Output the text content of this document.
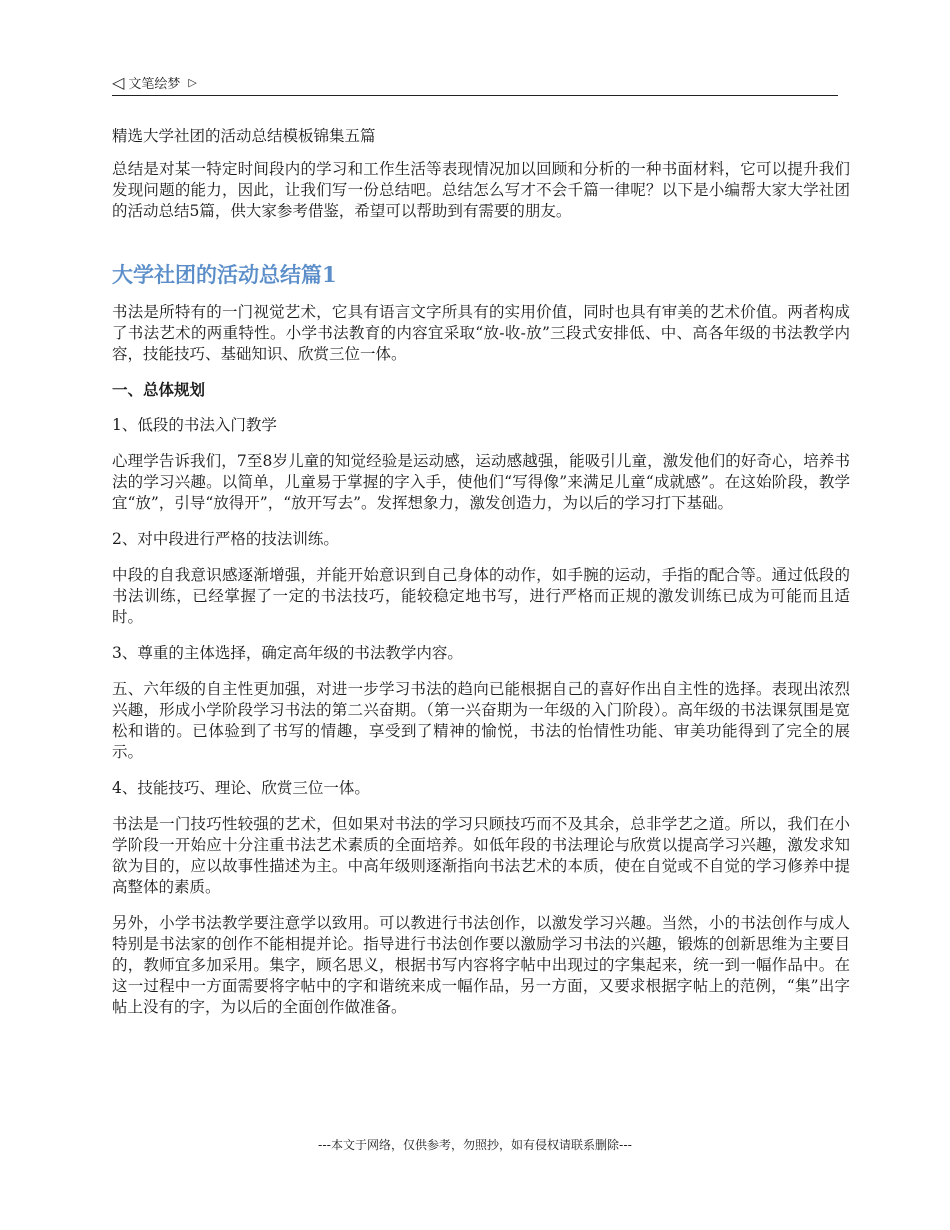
◁ 文笔绘梦 ▷

精选大学社团的活动总结模板锦集五篇

总结是对某一特定时间段内的学习和工作生活等表现情况加以回顾和分析的一种书面材料，它可以提升我们发现问题的能力，因此，让我们写一份总结吧。总结怎么写才不会千篇一律呢？以下是小编帮大家大学社团的活动总结5篇，供大家参考借鉴，希望可以帮助到有需要的朋友。

大学社团的活动总结篇1

书法是所特有的一门视觉艺术，它具有语言文字所具有的实用价值，同时也具有审美的艺术价值。两者构成了书法艺术的两重特性。小学书法教育的内容宜采取“放-收-放”三段式安排低、中、高各年级的书法教学内容，技能技巧、基础知识、欣赏三位一体。

一、总体规划

1、低段的书法入门教学

心理学告诉我们，7至8岁儿童的知觉经验是运动感，运动感越强，能吸引儿童，激发他们的好奇心，培养书法的学习兴趣。以简单，儿童易于掌握的字入手，使他们“写得像”来满足儿童“成就感”。在这始阶段，教学宜“放”，引导“放得开”，“放开写去”。发挥想象力，激发创造力，为以后的学习打下基础。

2、对中段进行严格的技法训练。

中段的自我意识感逐渐增强，并能开始意识到自己身体的动作，如手腕的运动，手指的配合等。通过低段的书法训练，已经掌握了一定的书法技巧，能较稳定地书写，进行严格而正规的激发训练已成为可能而且适时。

3、尊重的主体选择，确定高年级的书法教学内容。

五、六年级的自主性更加强，对进一步学习书法的趋向已能根据自己的喜好作出自主性的选择。表现出浓烈兴趣，形成小学阶段学习书法的第二兴奋期。（第一兴奋期为一年级的入门阶段）。高年级的书法课氛围是宽松和谐的。已体验到了书写的情趣，享受到了精神的愉悦，书法的怡情性功能、审美功能得到了完全的展示。

4、技能技巧、理论、欣赏三位一体。

书法是一门技巧性较强的艺术，但如果对书法的学习只顾技巧而不及其余，总非学艺之道。所以，我们在小学阶段一开始应十分注重书法艺术素质的全面培养。如低年段的书法理论与欣赏以提高学习兴趣，激发求知欲为目的，应以故事性描述为主。中高年级则逐渐指向书法艺术的本质，使在自觉或不自觉的学习修养中提高整体的素质。

另外，小学书法教学要注意学以致用。可以教进行书法创作，以激发学习兴趣。当然，小的书法创作与成人特别是书法家的创作不能相提并论。指导进行书法创作要以激励学习书法的兴趣，锻炼的创新思维为主要目的，教师宜多加采用。集字，顾名思义，根据书写内容将字帖中出现过的字集起来，统一到一幅作品中。在这一过程中一方面需要将字帖中的字和谐统来成一幅作品，另一方面，又要求根据字帖上的范例，“集”出字帖上没有的字，为以后的全面创作做准备。

---本文于网络，仅供参考，勿照抄，如有侵权请联系删除---
